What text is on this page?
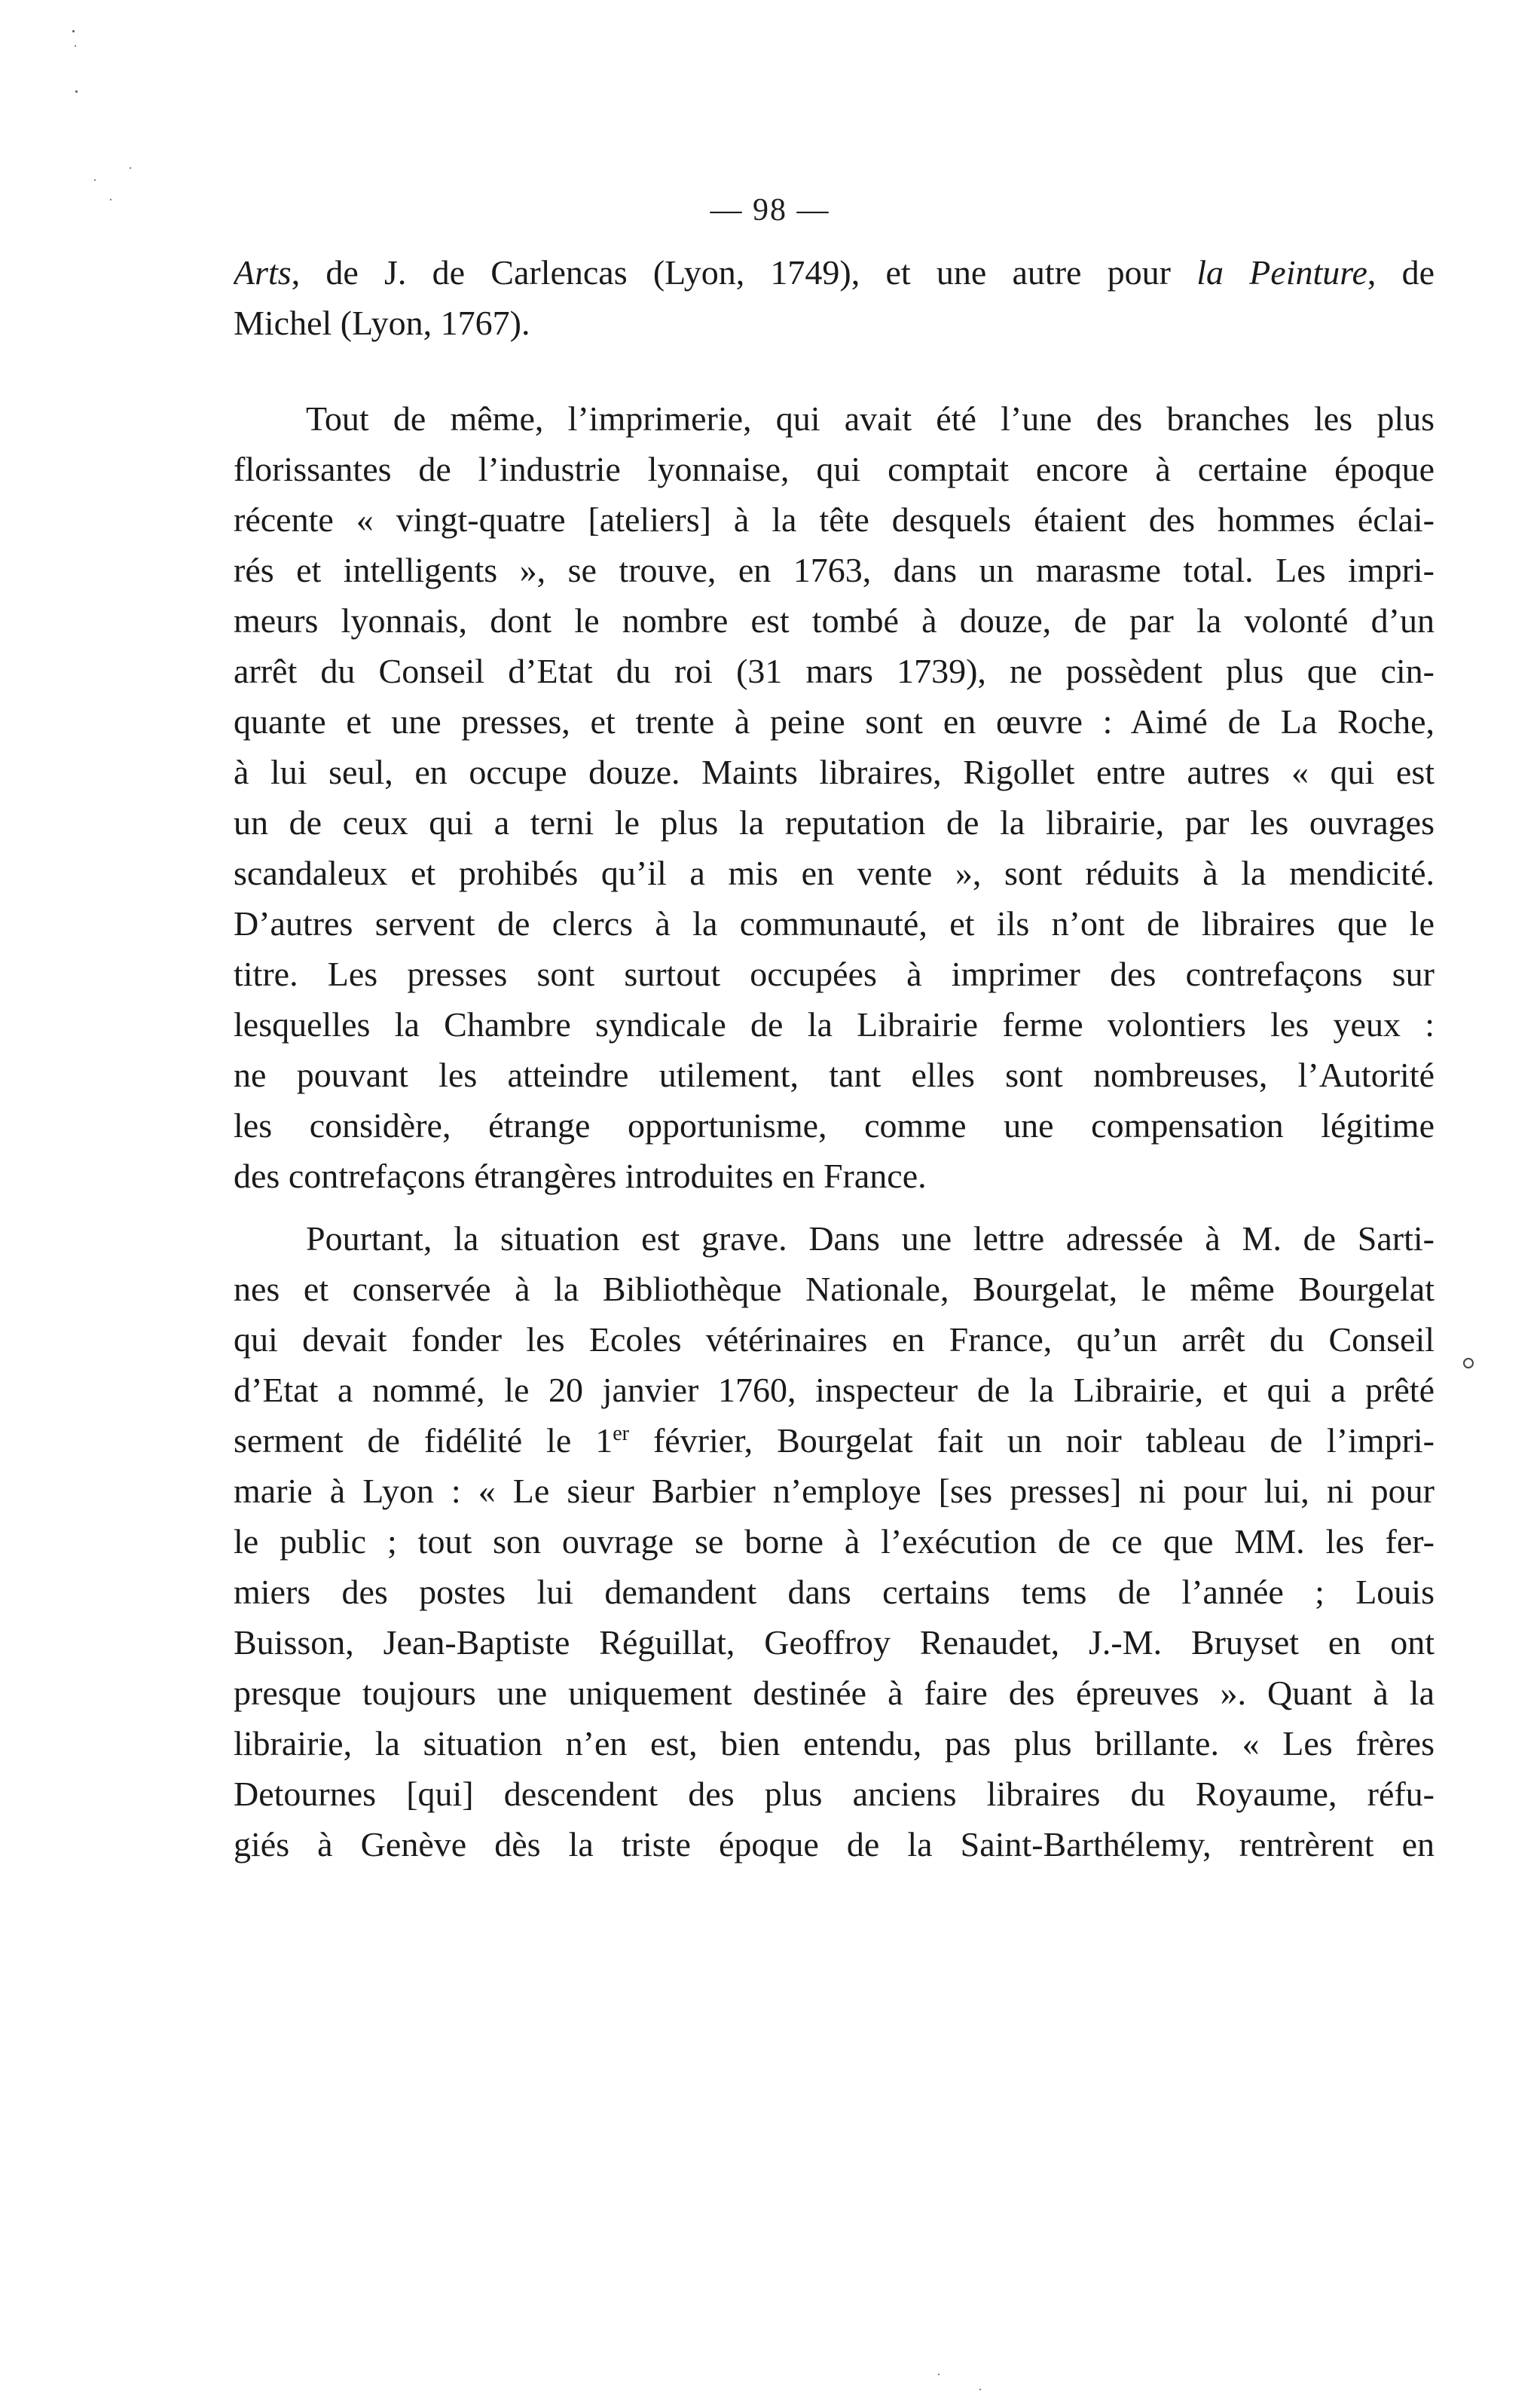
— 98 —
Arts, de J. de Carlencas (Lyon, 1749), et une autre pour la Peinture, de
Michel (Lyon, 1767).
Tout de même, l’imprimerie, qui avait été l’une des branches les plus
florissantes de l’industrie lyonnaise, qui comptait encore à certaine époque
récente « vingt-quatre [ateliers] à la tête desquels étaient des hommes éclai-
rés et intelligents », se trouve, en 1763, dans un marasme total. Les impri-
meurs lyonnais, dont le nombre est tombé à douze, de par la volonté d’un
arrêt du Conseil d’Etat du roi (31 mars 1739), ne possèdent plus que cin-
quante et une presses, et trente à peine sont en œuvre : Aimé de La Roche,
à lui seul, en occupe douze. Maints libraires, Rigollet entre autres « qui est
un de ceux qui a terni le plus la reputation de la librairie, par les ouvrages
scandaleux et prohibés qu’il a mis en vente », sont réduits à la mendicité.
D’autres servent de clercs à la communauté, et ils n’ont de libraires que le
titre. Les presses sont surtout occupées à imprimer des contrefaçons sur
lesquelles la Chambre syndicale de la Librairie ferme volontiers les yeux :
ne pouvant les atteindre utilement, tant elles sont nombreuses, l’Autorité
les considère, étrange opportunisme, comme une compensation légitime
des contrefaçons étrangères introduites en France.
Pourtant, la situation est grave. Dans une lettre adressée à M. de Sarti-
nes et conservée à la Bibliothèque Nationale, Bourgelat, le même Bourgelat
qui devait fonder les Ecoles vétérinaires en France, qu’un arrêt du Conseil
d’Etat a nommé, le 20 janvier 1760, inspecteur de la Librairie, et qui a prêté
serment de fidélité le 1er février, Bourgelat fait un noir tableau de l’impri-
marie à Lyon : « Le sieur Barbier n’employe [ses presses] ni pour lui, ni pour
le public ; tout son ouvrage se borne à l’exécution de ce que MM. les fer-
miers des postes lui demandent dans certains tems de l’année ; Louis
Buisson, Jean-Baptiste Réguillat, Geoffroy Renaudet, J.-M. Bruyset en ont
presque toujours une uniquement destinée à faire des épreuves ». Quant à la
librairie, la situation n’en est, bien entendu, pas plus brillante. « Les frères
Detournes [qui] descendent des plus anciens libraires du Royaume, réfu-
giés à Genève dès la triste époque de la Saint-Barthélemy, rentrèrent en
